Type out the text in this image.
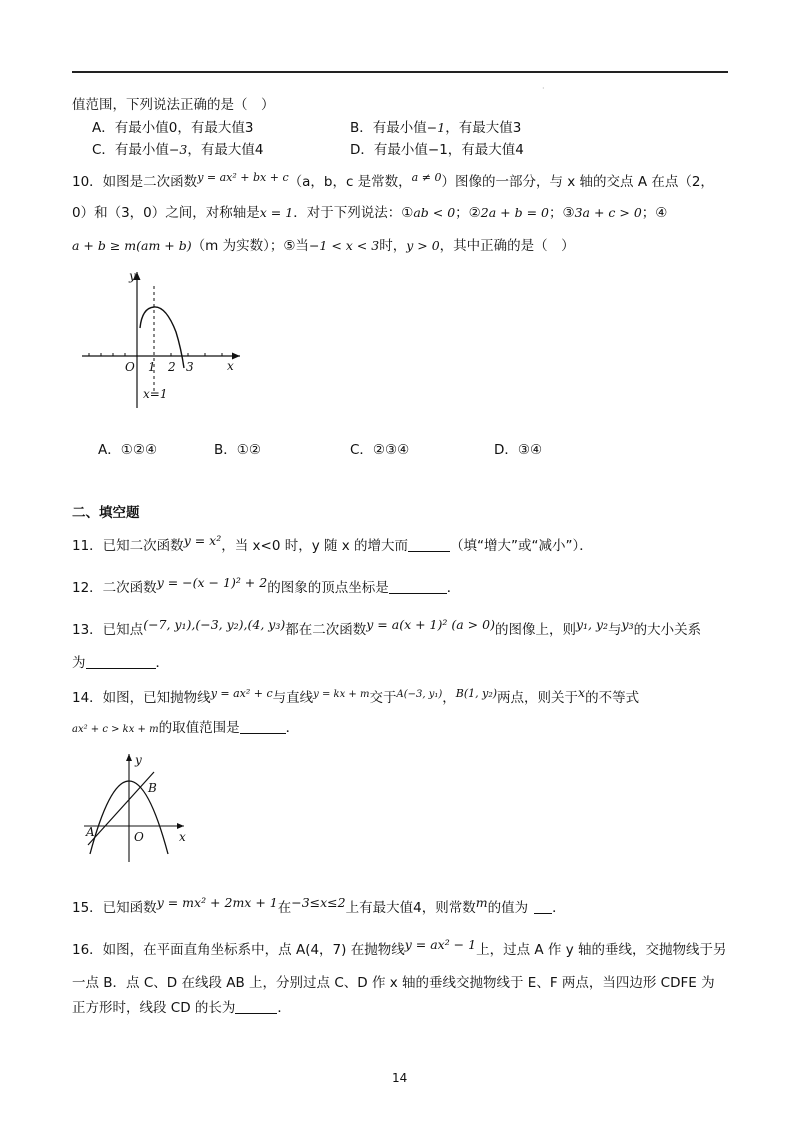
·
值范围，下列说法正确的是（　）
A．有最小值0，有最大值3	B．有最小值−1，有最大值3
C．有最小值−3，有最大值4	D．有最小值−1，有最大值4
10．如图是二次函数$^{y = ax^2 + bx + c}$（a，b，c 是常数，$^{a \ne 0}$）图像的一部分，与 x 轴的交点 A 在点（2，
0）和（3，0）之间，对称轴是x = 1．对于下列说法：①ab < 0；②2a + b = 0；③3a + c > 0；④
a + b ≥ m(am + b)（m 为实数）；⑤当−1 < x < 3时，y > 0，其中正确的是（　）
y
x
O 1 2 3
x=1
A．①②④	B．①②	C．②③④	D．③④
二、填空题
11．已知二次函数y = x²，当 x<0 时，y 随 x 的增大而	（填“增大”或“减小”）．
12．二次函数y = −(x − 1)² + 2的图象的顶点坐标是	．
13．已知点(−7, y₁),(−3, y₂),(4, y₃)都在二次函数y = a(x + 1)² (a > 0)的图像上，则y₁, y₂与y₃的大小关系
为	．
14．如图，已知抛物线$^{y = ax^2 + c}$与直线$^{y = kx + m}$交于$^{A(-3, y_1)}$，$^{B(1, y_2)}$两点，则关于x的不等式
ax² + c > kx + m的取值范围是	．
y
x
O
A
B
15．已知函数y = mx² + 2mx + 1在−3≤x≤2上有最大值4，则常数m的值为 ．
16．如图，在平面直角坐标系中，点 A(4，7) 在抛物线y = ax² − 1上，过点 A 作 y 轴的垂线，交抛物线于另
一点 B．点 C、D 在线段 AB 上，分别过点 C、D 作 x 轴的垂线交抛物线于 E、F 两点，当四边形 CDFE 为
正方形时，线段 CD 的长为	．
14
